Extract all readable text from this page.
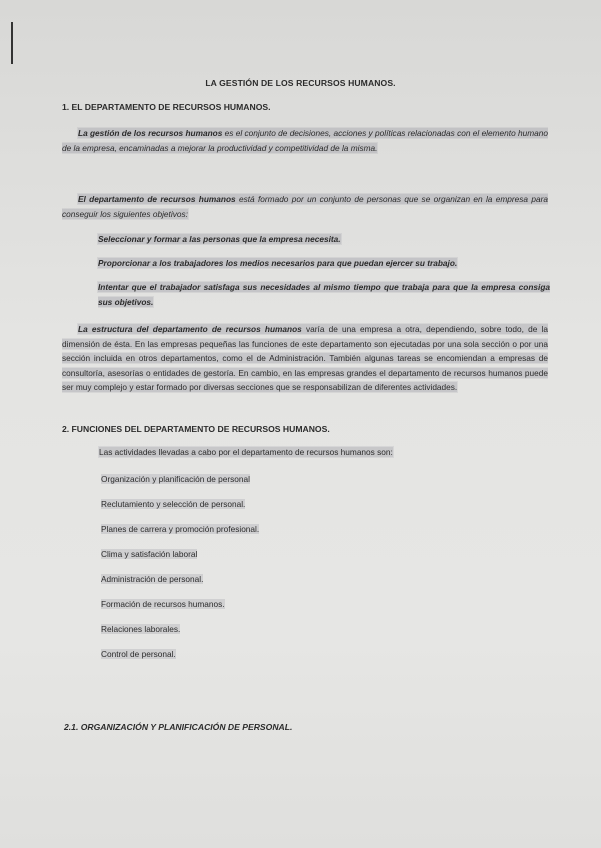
LA GESTIÓN DE LOS RECURSOS HUMANOS.
1. EL DEPARTAMENTO DE RECURSOS HUMANOS.
La gestión de los recursos humanos es el conjunto de decisiones, acciones y políticas relacionadas con el elemento humano de la empresa, encaminadas a mejorar la productividad y competitividad de la misma.
El departamento de recursos humanos está formado por un conjunto de personas que se organizan en la empresa para conseguir los siguientes objetivos:
Seleccionar y formar a las personas que la empresa necesita.
Proporcionar a los trabajadores los medios necesarios para que puedan ejercer su trabajo.
Intentar que el trabajador satisfaga sus necesidades al mismo tiempo que trabaja para que la empresa consiga sus objetivos.
La estructura del departamento de recursos humanos varía de una empresa a otra, dependiendo, sobre todo, de la dimensión de ésta. En las empresas pequeñas las funciones de este departamento son ejecutadas por una sola sección o por una sección incluida en otros departamentos, como el de Administración. También algunas tareas se encomiendan a empresas de consultoría, asesorías o entidades de gestoría. En cambio, en las empresas grandes el departamento de recursos humanos puede ser muy complejo y estar formado por diversas secciones que se responsabilizan de diferentes actividades.
2. FUNCIONES DEL DEPARTAMENTO DE RECURSOS HUMANOS.
Las actividades llevadas a cabo por el departamento de recursos humanos son:
Organización y planificación de personal
Reclutamiento y selección de personal.
Planes de carrera y promoción profesional.
Clima y satisfación laboral
Administración de personal.
Formación de recursos humanos.
Relaciones laborales.
Control de personal.
2.1. ORGANIZACIÓN Y PLANIFICACIÓN DE PERSONAL.
